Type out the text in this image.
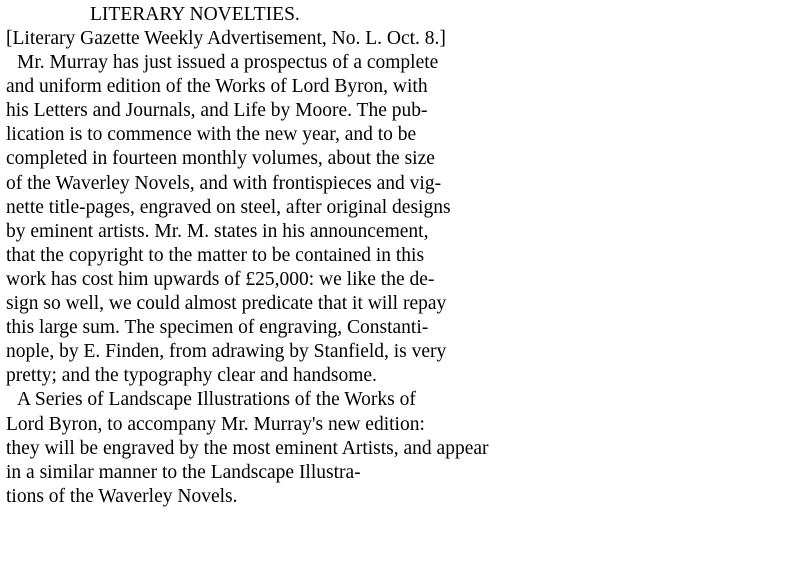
LITERARY NOVELTIES.
[Literary Gazette Weekly Advertisement, No. L. Oct. 8.]
Mr. Murray has just issued a prospectus of a complete
and uniform edition of the Works of Lord Byron, with
his Letters and Journals, and Life by Moore. The pub-
lication is to commence with the new year, and to be
completed in fourteen monthly volumes, about the size
of the Waverley Novels, and with frontispieces and vig-
nette title-pages, engraved on steel, after original designs
by eminent artists. Mr. M. states in his announcement,
that the copyright to the matter to be contained in this
work has cost him upwards of £25,000: we like the de-
sign so well, we could almost predicate that it will repay
this large sum. The specimen of engraving, Constanti-
nople, by E. Finden, from adrawing by Stanfield, is very
pretty; and the typography clear and handsome.
A Series of Landscape Illustrations of the Works of
Lord Byron, to accompany Mr. Murray's new edition:
they will be engraved by the most eminent Artists, and appear
in a similar manner to the Landscape Illustra-
tions of the Waverley Novels.
